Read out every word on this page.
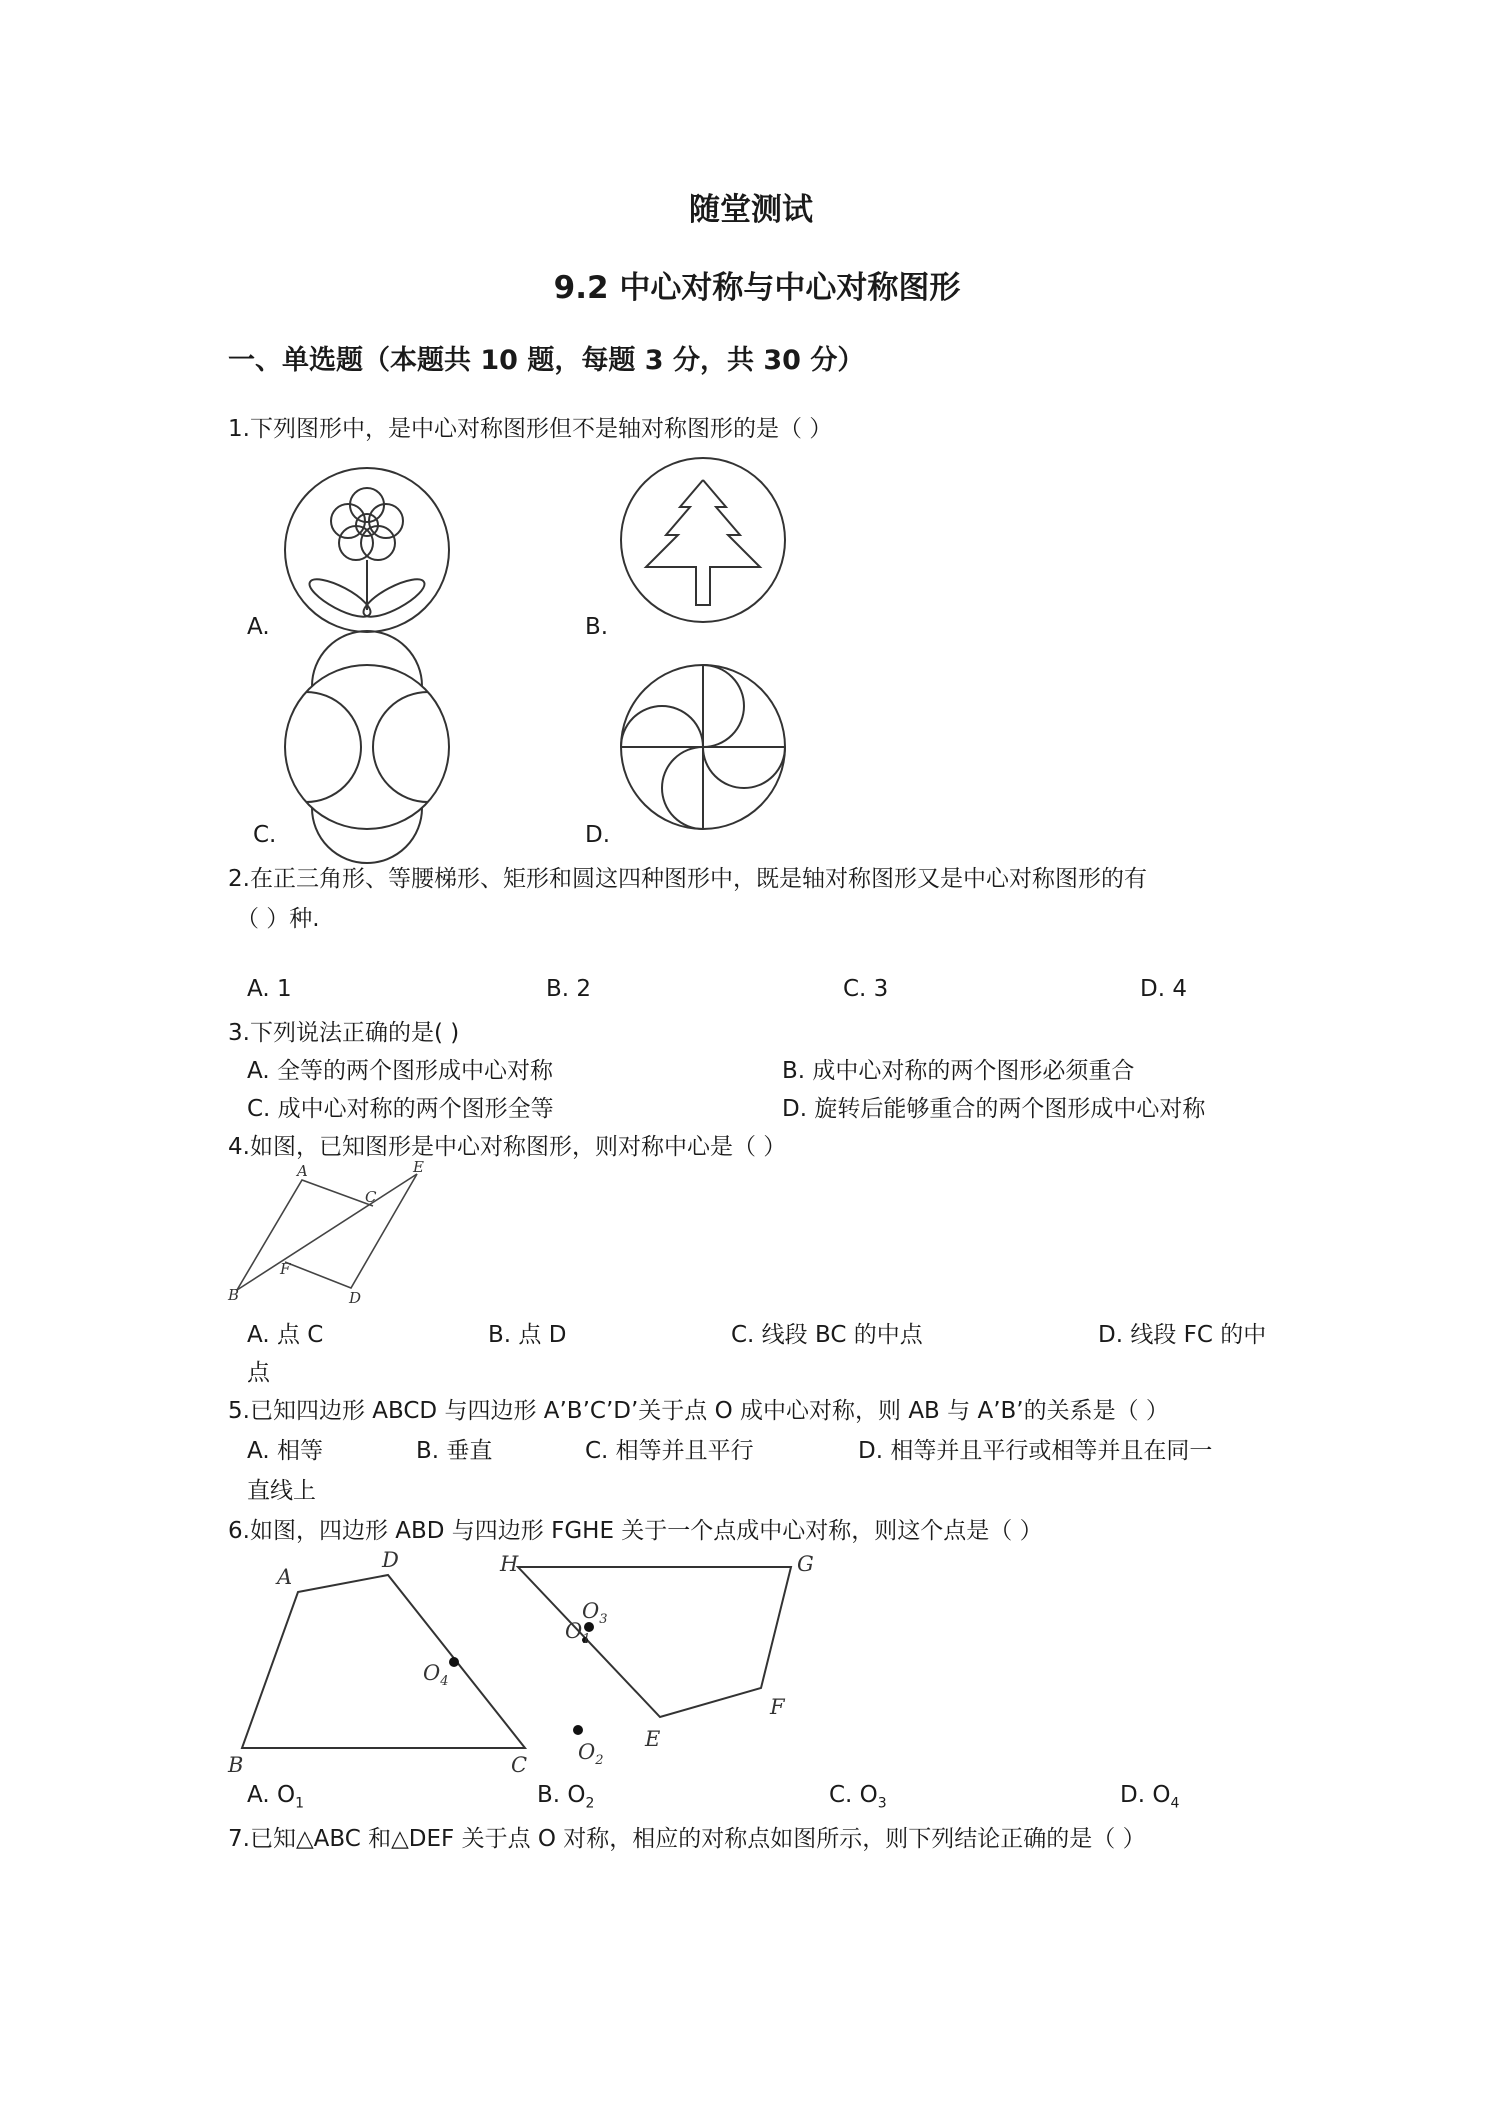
随堂测试
9.2 中心对称与中心对称图形
一、单选题（本题共 10 题，每题 3 分，共 30 分）
1.下列图形中，是中心对称图形但不是轴对称图形的是（ ）
A.	B.
C.	D.
2.在正三角形、等腰梯形、矩形和圆这四种图形中，既是轴对称图形又是中心对称图形的有
（ ）种.
A. 1	B. 2	C. 3	D. 4
3.下列说法正确的是( )
A. 全等的两个图形成中心对称	B. 成中心对称的两个图形必须重合
C. 成中心对称的两个图形全等	D. 旋转后能够重合的两个图形成中心对称
4.如图，已知图形是中心对称图形，则对称中心是（ ）
A
C
E
F
B	D
A. 点 C	B. 点 D	C. 线段 BC 的中点	D. 线段 FC 的中
点
5.已知四边形 ABCD 与四边形 A’B’C’D’关于点 O 成中心对称，则 AB 与 A’B’的关系是（ ）
A. 相等	B. 垂直	C. 相等并且平行	D. 相等并且平行或相等并且在同一
直线上
6.如图，四边形 ABD 与四边形 FGHE 关于一个点成中心对称，则这个点是（ ）
A
D
B	C
H	G
F
E
$O_4$
$O_1$
$O_2$
$O_3$
A. $O_1$	B. $O_2$	C. $O_3$	D. $O_4$
7.已知△ABC 和△DEF 关于点 O 对称，相应的对称点如图所示，则下列结论正确的是（ ）
